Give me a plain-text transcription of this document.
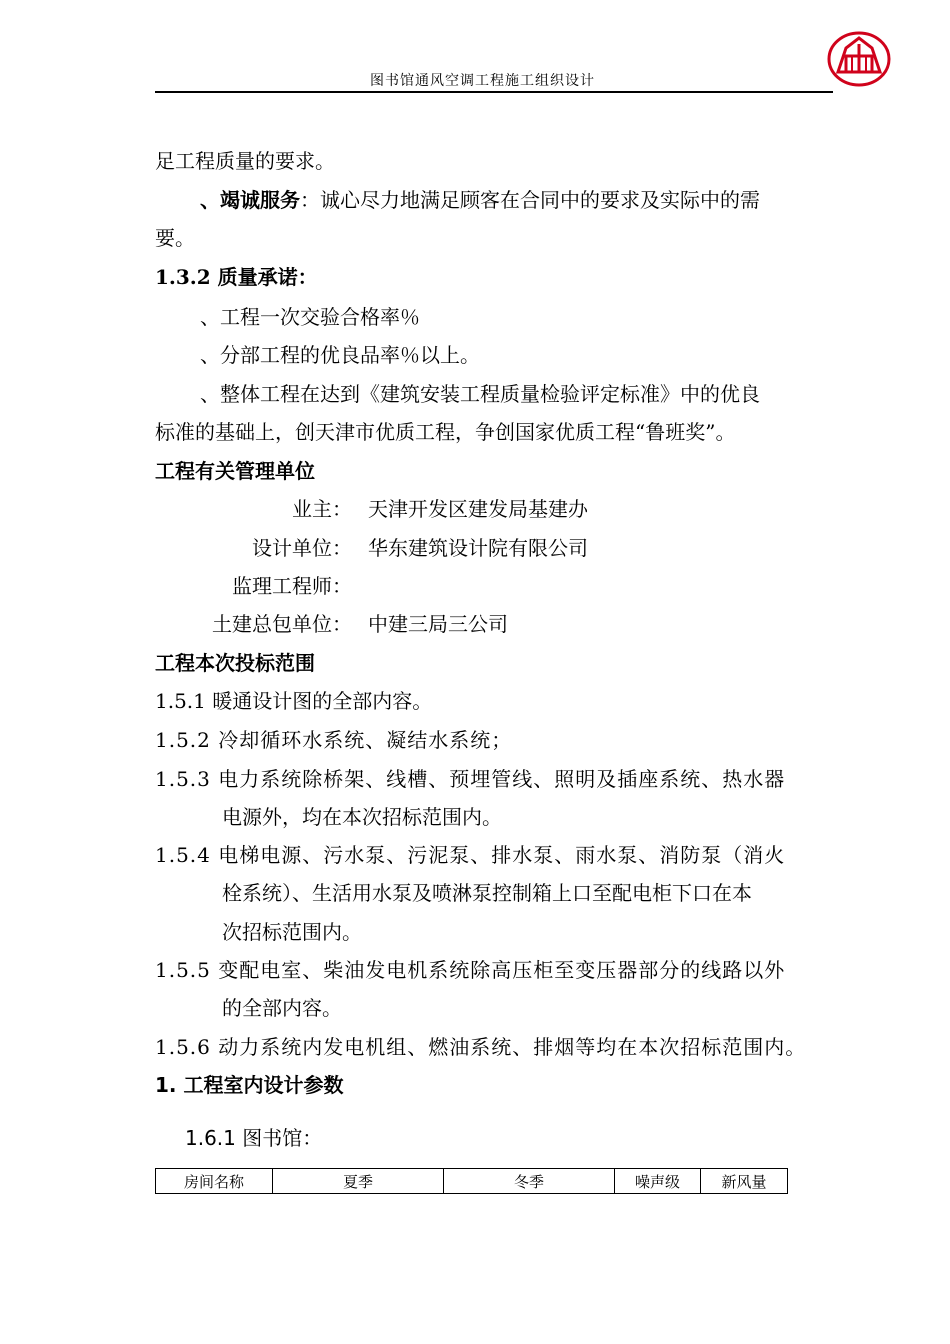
图书馆通风空调工程施工组织设计
足工程质量的要求。
、竭诚服务：诚心尽力地满足顾客在合同中的要求及实际中的需
要。
1.3.2 质量承诺：
、工程一次交验合格率％
、分部工程的优良品率％以上。
、整体工程在达到《建筑安装工程质量检验评定标准》中的优良
标准的基础上，创天津市优质工程，争创国家优质工程“鲁班奖”。
工程有关管理单位
业主： 天津开发区建发局基建办
设计单位： 华东建筑设计院有限公司
监理工程师：
土建总包单位： 中建三局三公司
工程本次投标范围
1.5.1 暖通设计图的全部内容。
1.5.2 冷却循环水系统、凝结水系统；
1.5.3 电力系统除桥架、线槽、预埋管线、照明及插座系统、热水器
电源外，均在本次招标范围内。
1.5.4 电梯电源、污水泵、污泥泵、排水泵、雨水泵、消防泵（消火
栓系统）、生活用水泵及喷淋泵控制箱上口至配电柜下口在本
次招标范围内。
1.5.5 变配电室、柴油发电机系统除高压柜至变压器部分的线路以外
的全部内容。
1.5.6 动力系统内发电机组、燃油系统、排烟等均在本次招标范围内。
1. 工程室内设计参数
1.6.1 图书馆：
房间名称	夏季	冬季	噪声级	新风量
